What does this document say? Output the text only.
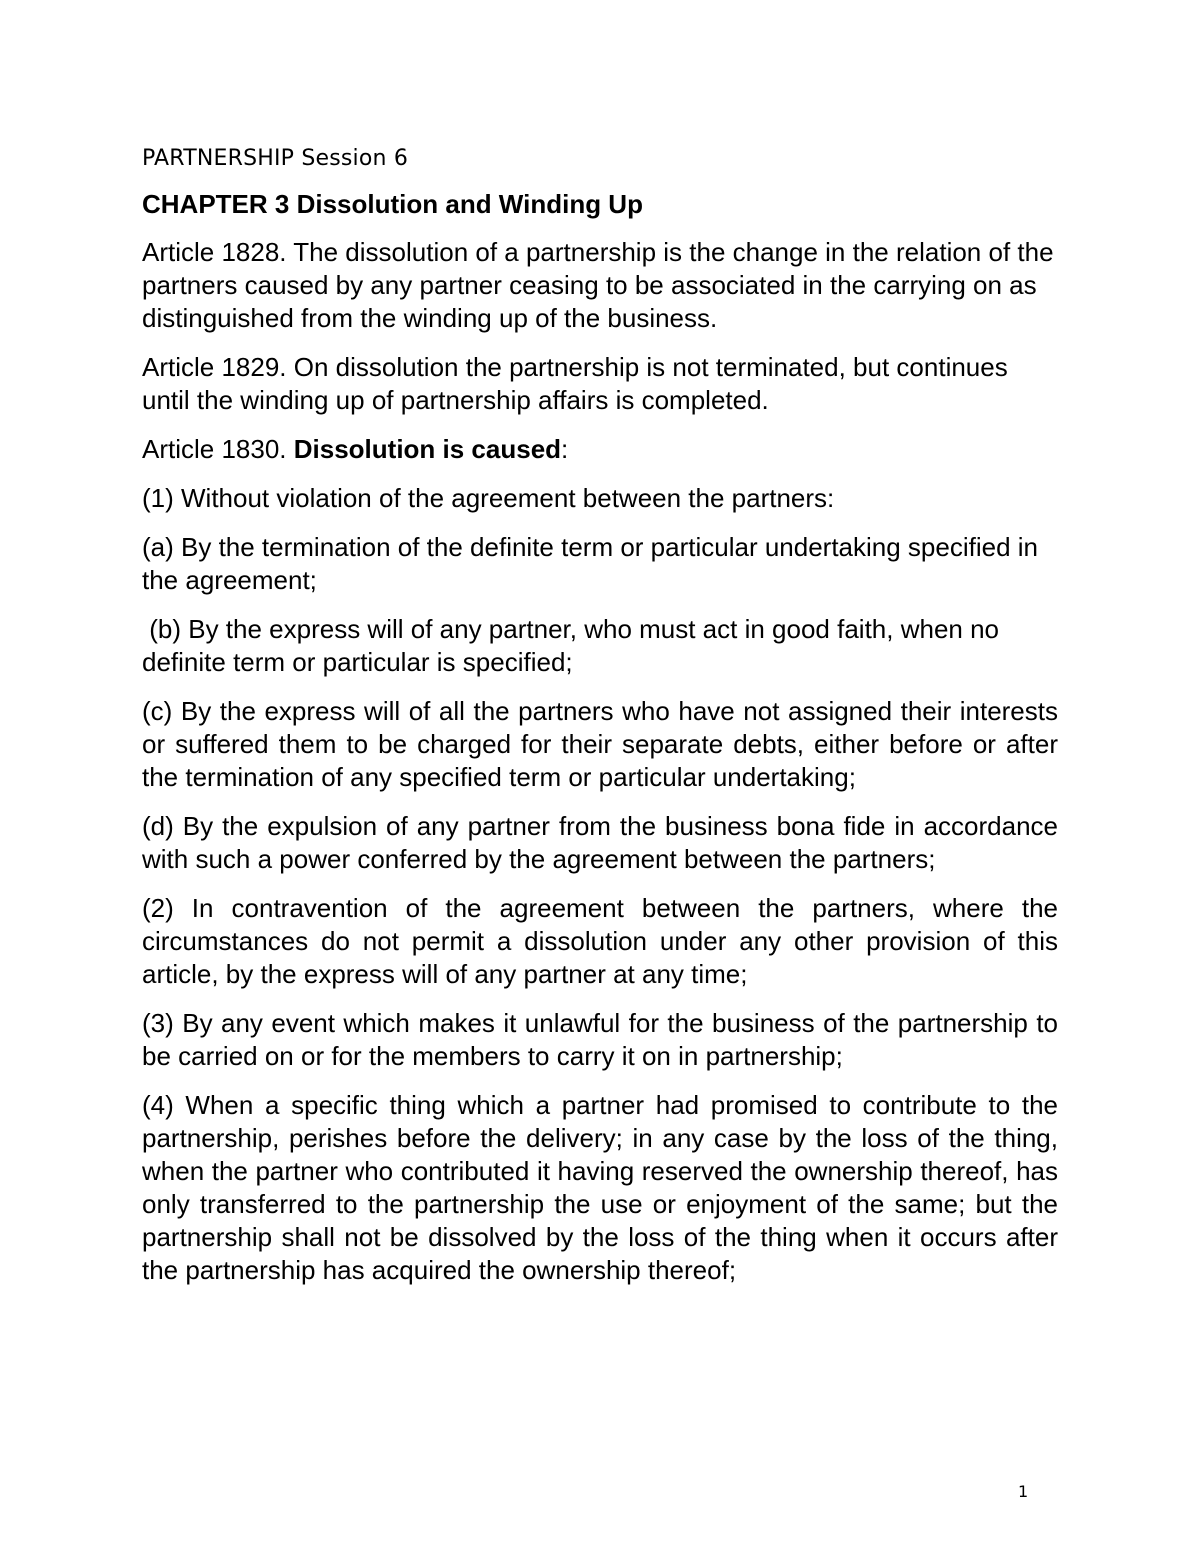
PARTNERSHIP Session 6
CHAPTER 3 Dissolution and Winding Up
Article 1828. The dissolution of a partnership is the change in the relation of the partners caused by any partner ceasing to be associated in the carrying on as distinguished from the winding up of the business.
Article 1829. On dissolution the partnership is not terminated, but continues until the winding up of partnership affairs is completed.
Article 1830. Dissolution is caused:
(1) Without violation of the agreement between the partners:
(a) By the termination of the definite term or particular undertaking specified in the agreement;
(b) By the express will of any partner, who must act in good faith, when no definite term or particular is specified;
(c) By the express will of all the partners who have not assigned their interests or suffered them to be charged for their separate debts, either before or after the termination of any specified term or particular undertaking;
(d) By the expulsion of any partner from the business bona fide in accordance with such a power conferred by the agreement between the partners;
(2) In contravention of the agreement between the partners, where the circumstances do not permit a dissolution under any other provision of this article, by the express will of any partner at any time;
(3) By any event which makes it unlawful for the business of the partnership to be carried on or for the members to carry it on in partnership;
(4) When a specific thing which a partner had promised to contribute to the partnership, perishes before the delivery; in any case by the loss of the thing, when the partner who contributed it having reserved the ownership thereof, has only transferred to the partnership the use or enjoyment of the same; but the partnership shall not be dissolved by the loss of the thing when it occurs after the partnership has acquired the ownership thereof;
1
